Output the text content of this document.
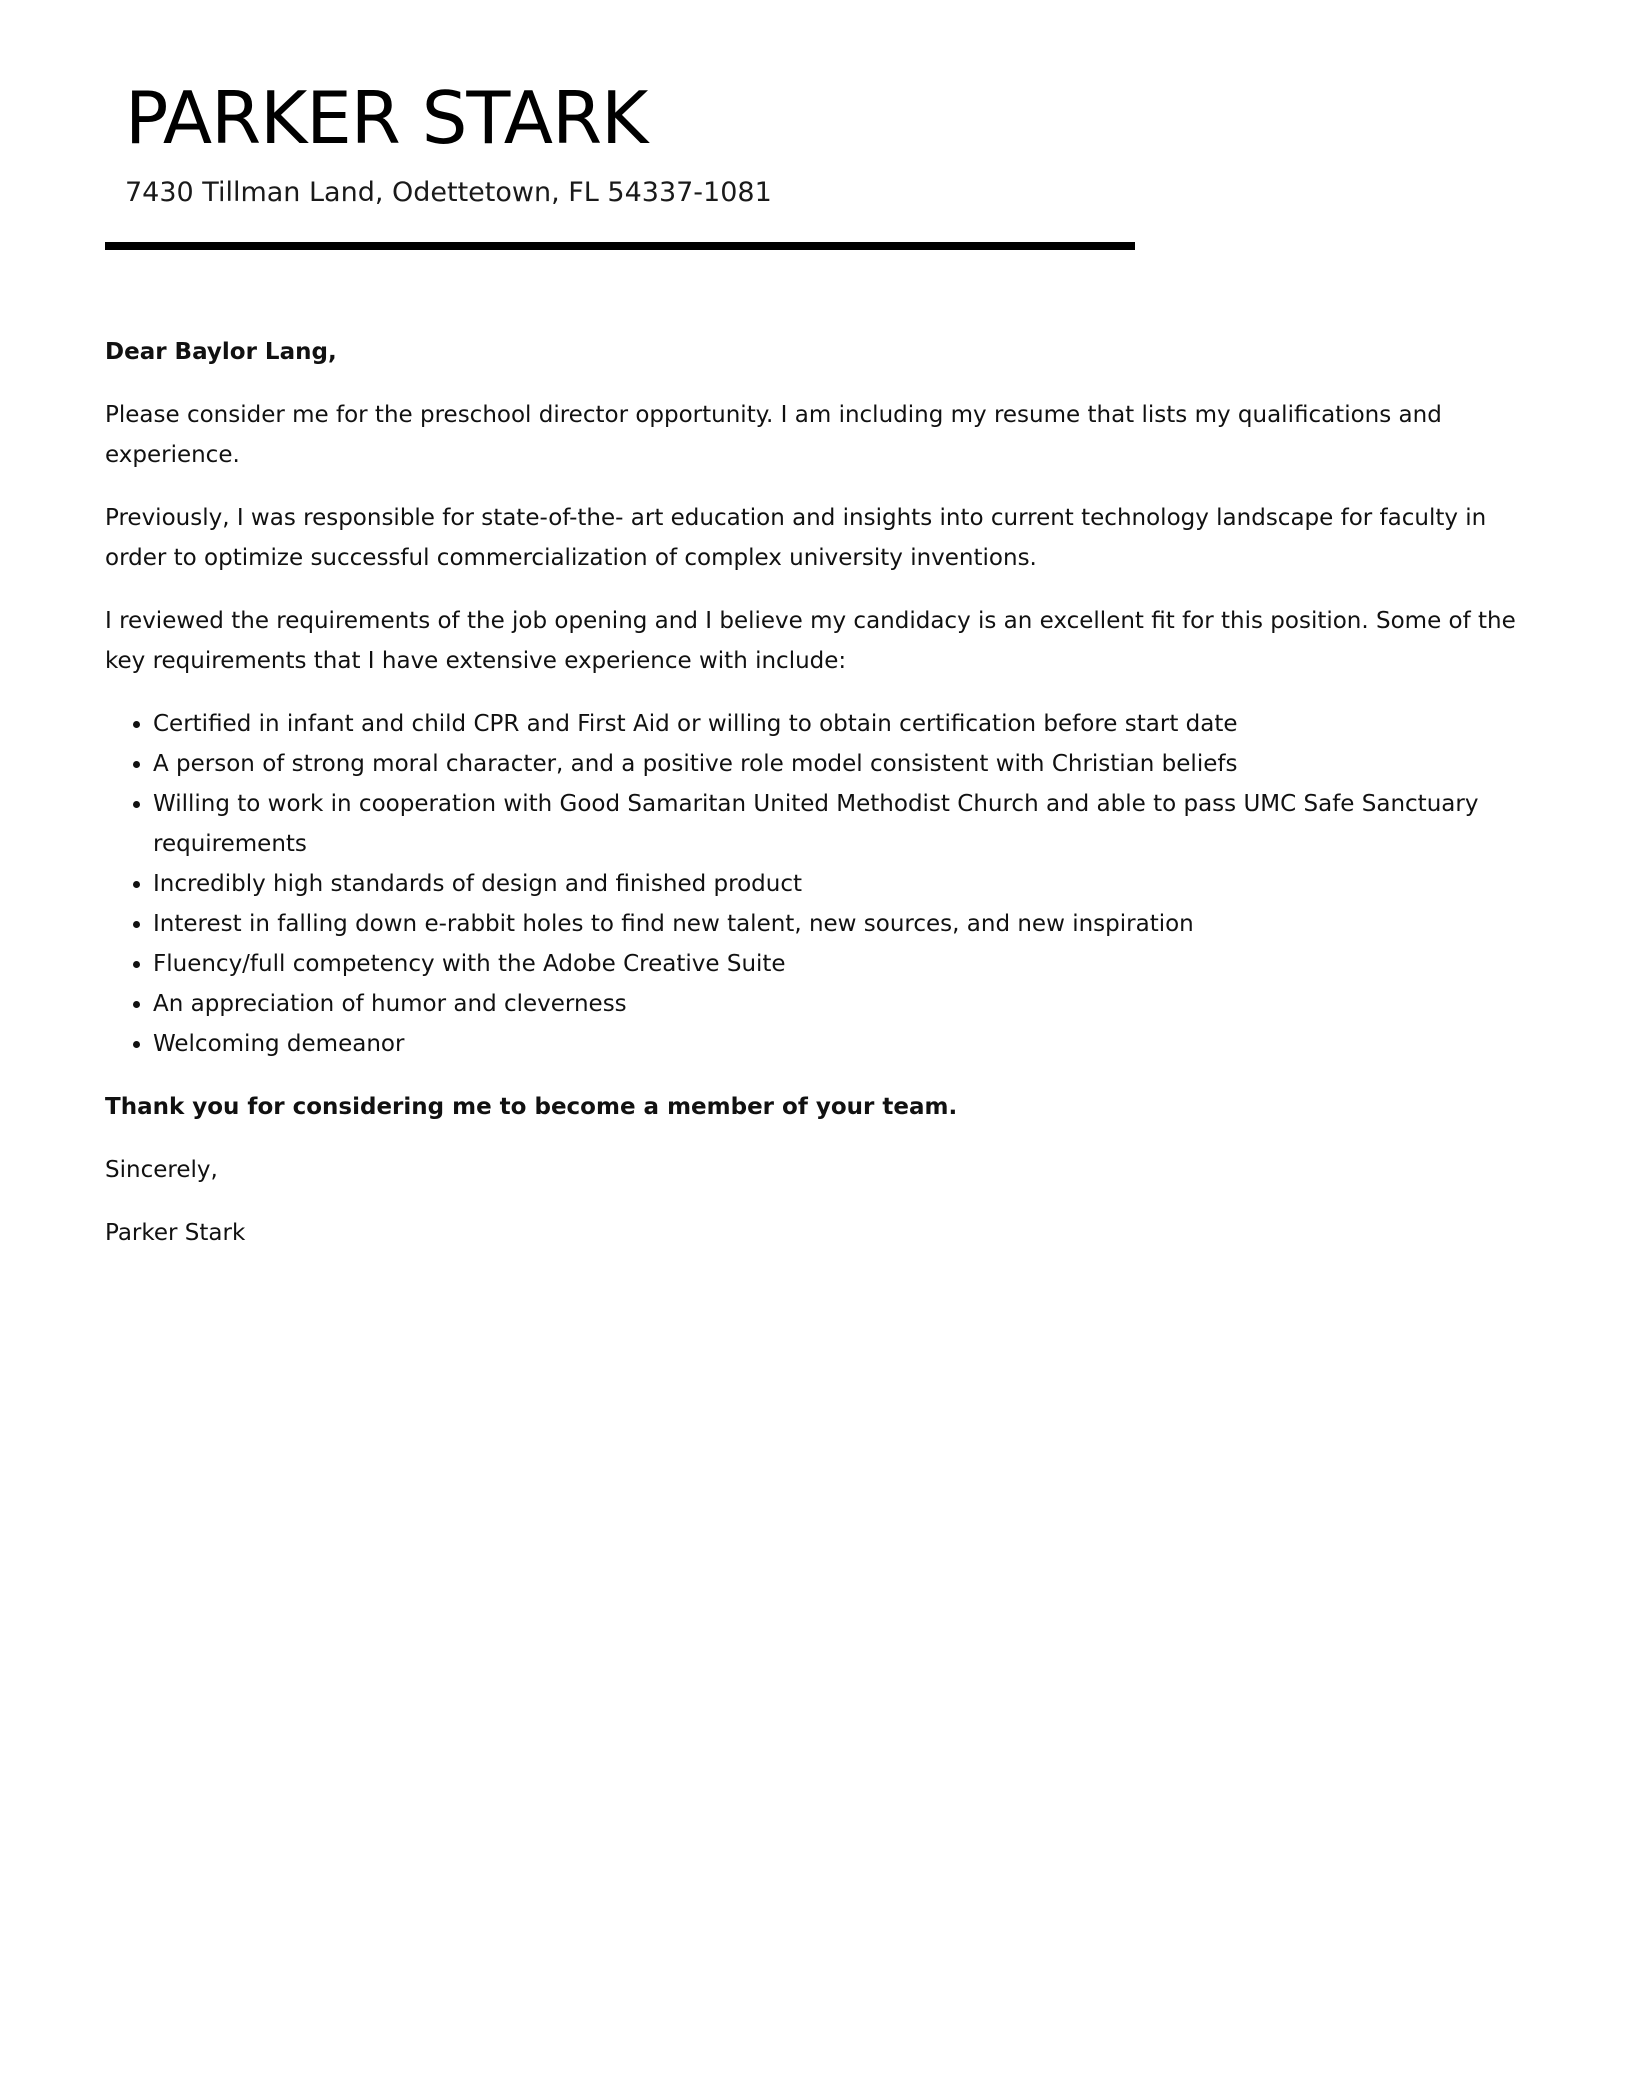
PARKER STARK
7430 Tillman Land, Odettetown, FL 54337-1081

Dear Baylor Lang,

Please consider me for the preschool director opportunity. I am including my resume that lists my qualifications and experience.

Previously, I was responsible for state-of-the- art education and insights into current technology landscape for faculty in order to optimize successful commercialization of complex university inventions.

I reviewed the requirements of the job opening and I believe my candidacy is an excellent fit for this position. Some of the key requirements that I have extensive experience with include:

• Certified in infant and child CPR and First Aid or willing to obtain certification before start date
• A person of strong moral character, and a positive role model consistent with Christian beliefs
• Willing to work in cooperation with Good Samaritan United Methodist Church and able to pass UMC Safe Sanctuary requirements
• Incredibly high standards of design and finished product
• Interest in falling down e-rabbit holes to find new talent, new sources, and new inspiration
• Fluency/full competency with the Adobe Creative Suite
• An appreciation of humor and cleverness
• Welcoming demeanor

Thank you for considering me to become a member of your team.

Sincerely,

Parker Stark
